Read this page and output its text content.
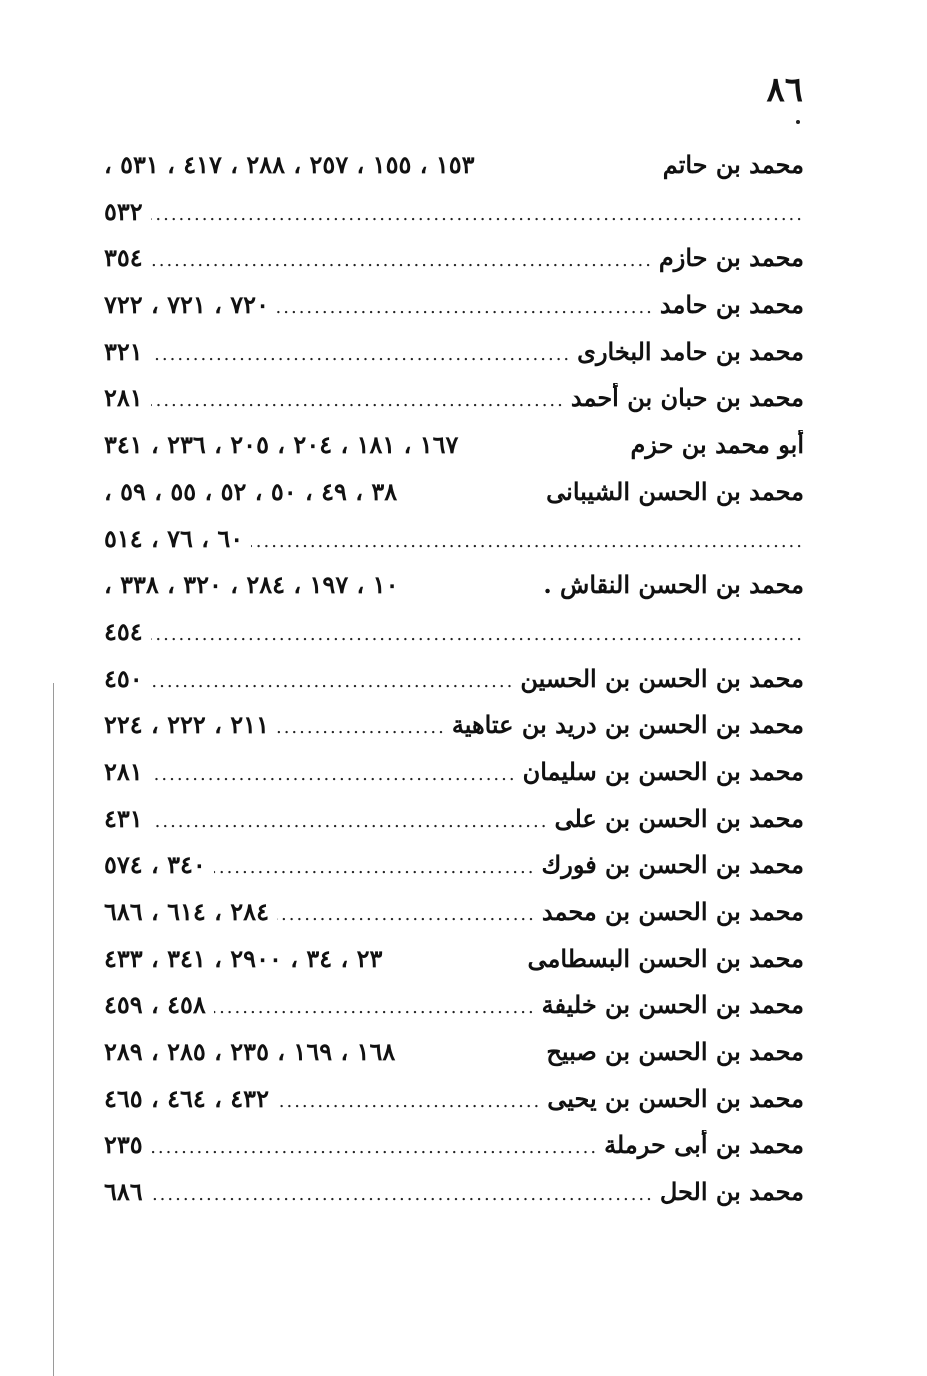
٨٦
محمد بن حاتم
١٥٣ ، ١٥٥ ، ٢٥٧ ، ٢٨٨ ، ٤١٧ ، ٥٣١ ،
.....
٥٣٢
محمد بن حازم
.....
٣٥٤
محمد بن حامد
.....
٧٢٠ ، ٧٢١ ، ٧٢٢
محمد بن حامد البخارى
.....
٣٢١
محمد بن حبان بن أحمد
.....
٢٨١
أبو محمد بن حزم
١٦٧ ، ١٨١ ، ٢٠٤ ، ٢٠٥ ، ٢٣٦ ، ٣٤١
محمد بن الحسن الشيبانى
٣٨ ، ٤٩ ، ٥٠ ، ٥٢ ، ٥٥ ، ٥٩ ،
.....
٦٠ ، ٧٦ ، ٥١٤
محمد بن الحسن النقاش .
١٠ ، ١٩٧ ، ٢٨٤ ، ٣٢٠ ، ٣٣٨ ،
.....
٤٥٤
محمد بن الحسن بن الحسين
.....
٤٥٠
محمد بن الحسن بن دريد بن عتاهية
.....
٢١١ ، ٢٢٢ ، ٢٢٤
محمد بن الحسن بن سليمان
.....
٢٨١
محمد بن الحسن بن على
.....
٤٣١
محمد بن الحسن بن فورك
.....
٣٤٠ ، ٥٧٤
محمد بن الحسن بن محمد
.....
٢٨٤ ، ٦١٤ ، ٦٨٦
محمد بن الحسن البسطامى
٢٣ ، ٣٤ ، ٢٩٠٠ ، ٣٤١ ، ٤٣٣
محمد بن الحسن بن خليفة
.....
٤٥٨ ، ٤٥٩
محمد بن الحسن بن صبيح
١٦٨ ، ١٦٩ ، ٢٣٥ ، ٢٨٥ ، ٢٨٩
محمد بن الحسن بن يحيى
.....
٤٣٢ ، ٤٦٤ ، ٤٦٥
محمد بن أبى حرملة
.....
٢٣٥
محمد بن الحل
.....
٦٨٦
